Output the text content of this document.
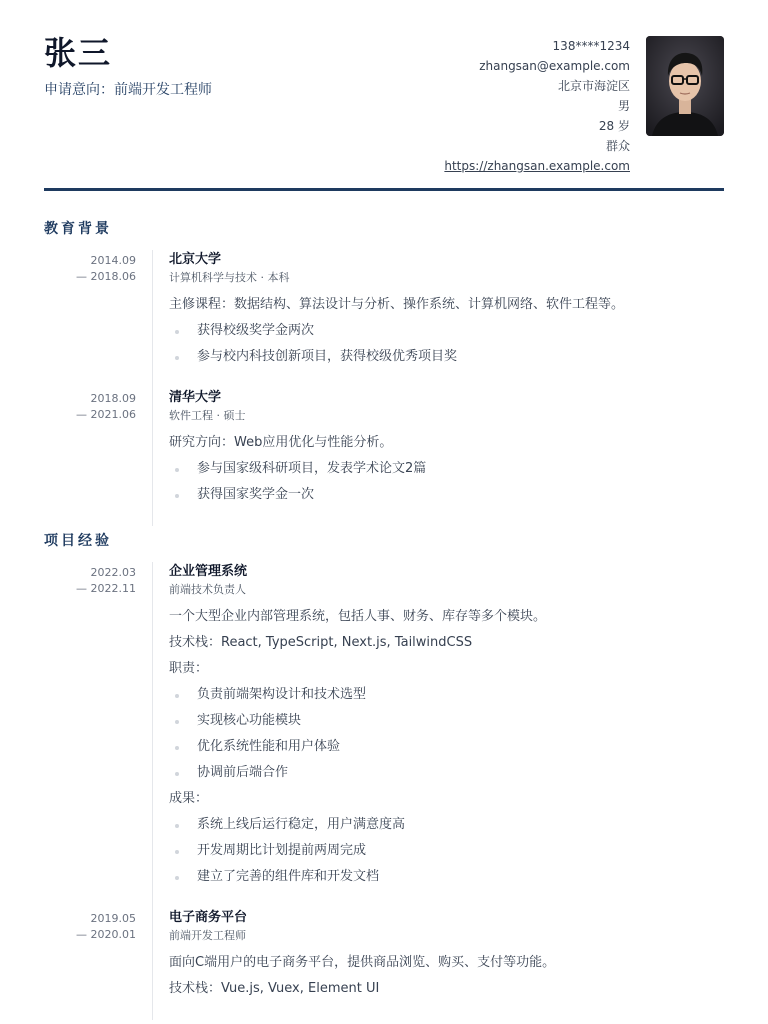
张三
申请意向：前端开发工程师
138****1234
zhangsan@example.com
北京市海淀区
男
28 岁
群众
https://zhangsan.example.com
教育背景
2014.09
— 2018.06
北京大学
计算机科学与技术 · 本科
主修课程：数据结构、算法设计与分析、操作系统、计算机网络、软件工程等。
获得校级奖学金两次
参与校内科技创新项目，获得校级优秀项目奖
2018.09
— 2021.06
清华大学
软件工程 · 硕士
研究方向：Web应用优化与性能分析。
参与国家级科研项目，发表学术论文2篇
获得国家奖学金一次
项目经验
2022.03
— 2022.11
企业管理系统
前端技术负责人
一个大型企业内部管理系统，包括人事、财务、库存等多个模块。
技术栈：React, TypeScript, Next.js, TailwindCSS
职责：
负责前端架构设计和技术选型
实现核心功能模块
优化系统性能和用户体验
协调前后端合作
成果：
系统上线后运行稳定，用户满意度高
开发周期比计划提前两周完成
建立了完善的组件库和开发文档
2019.05
— 2020.01
电子商务平台
前端开发工程师
面向C端用户的电子商务平台，提供商品浏览、购买、支付等功能。
技术栈：Vue.js, Vuex, Element UI
